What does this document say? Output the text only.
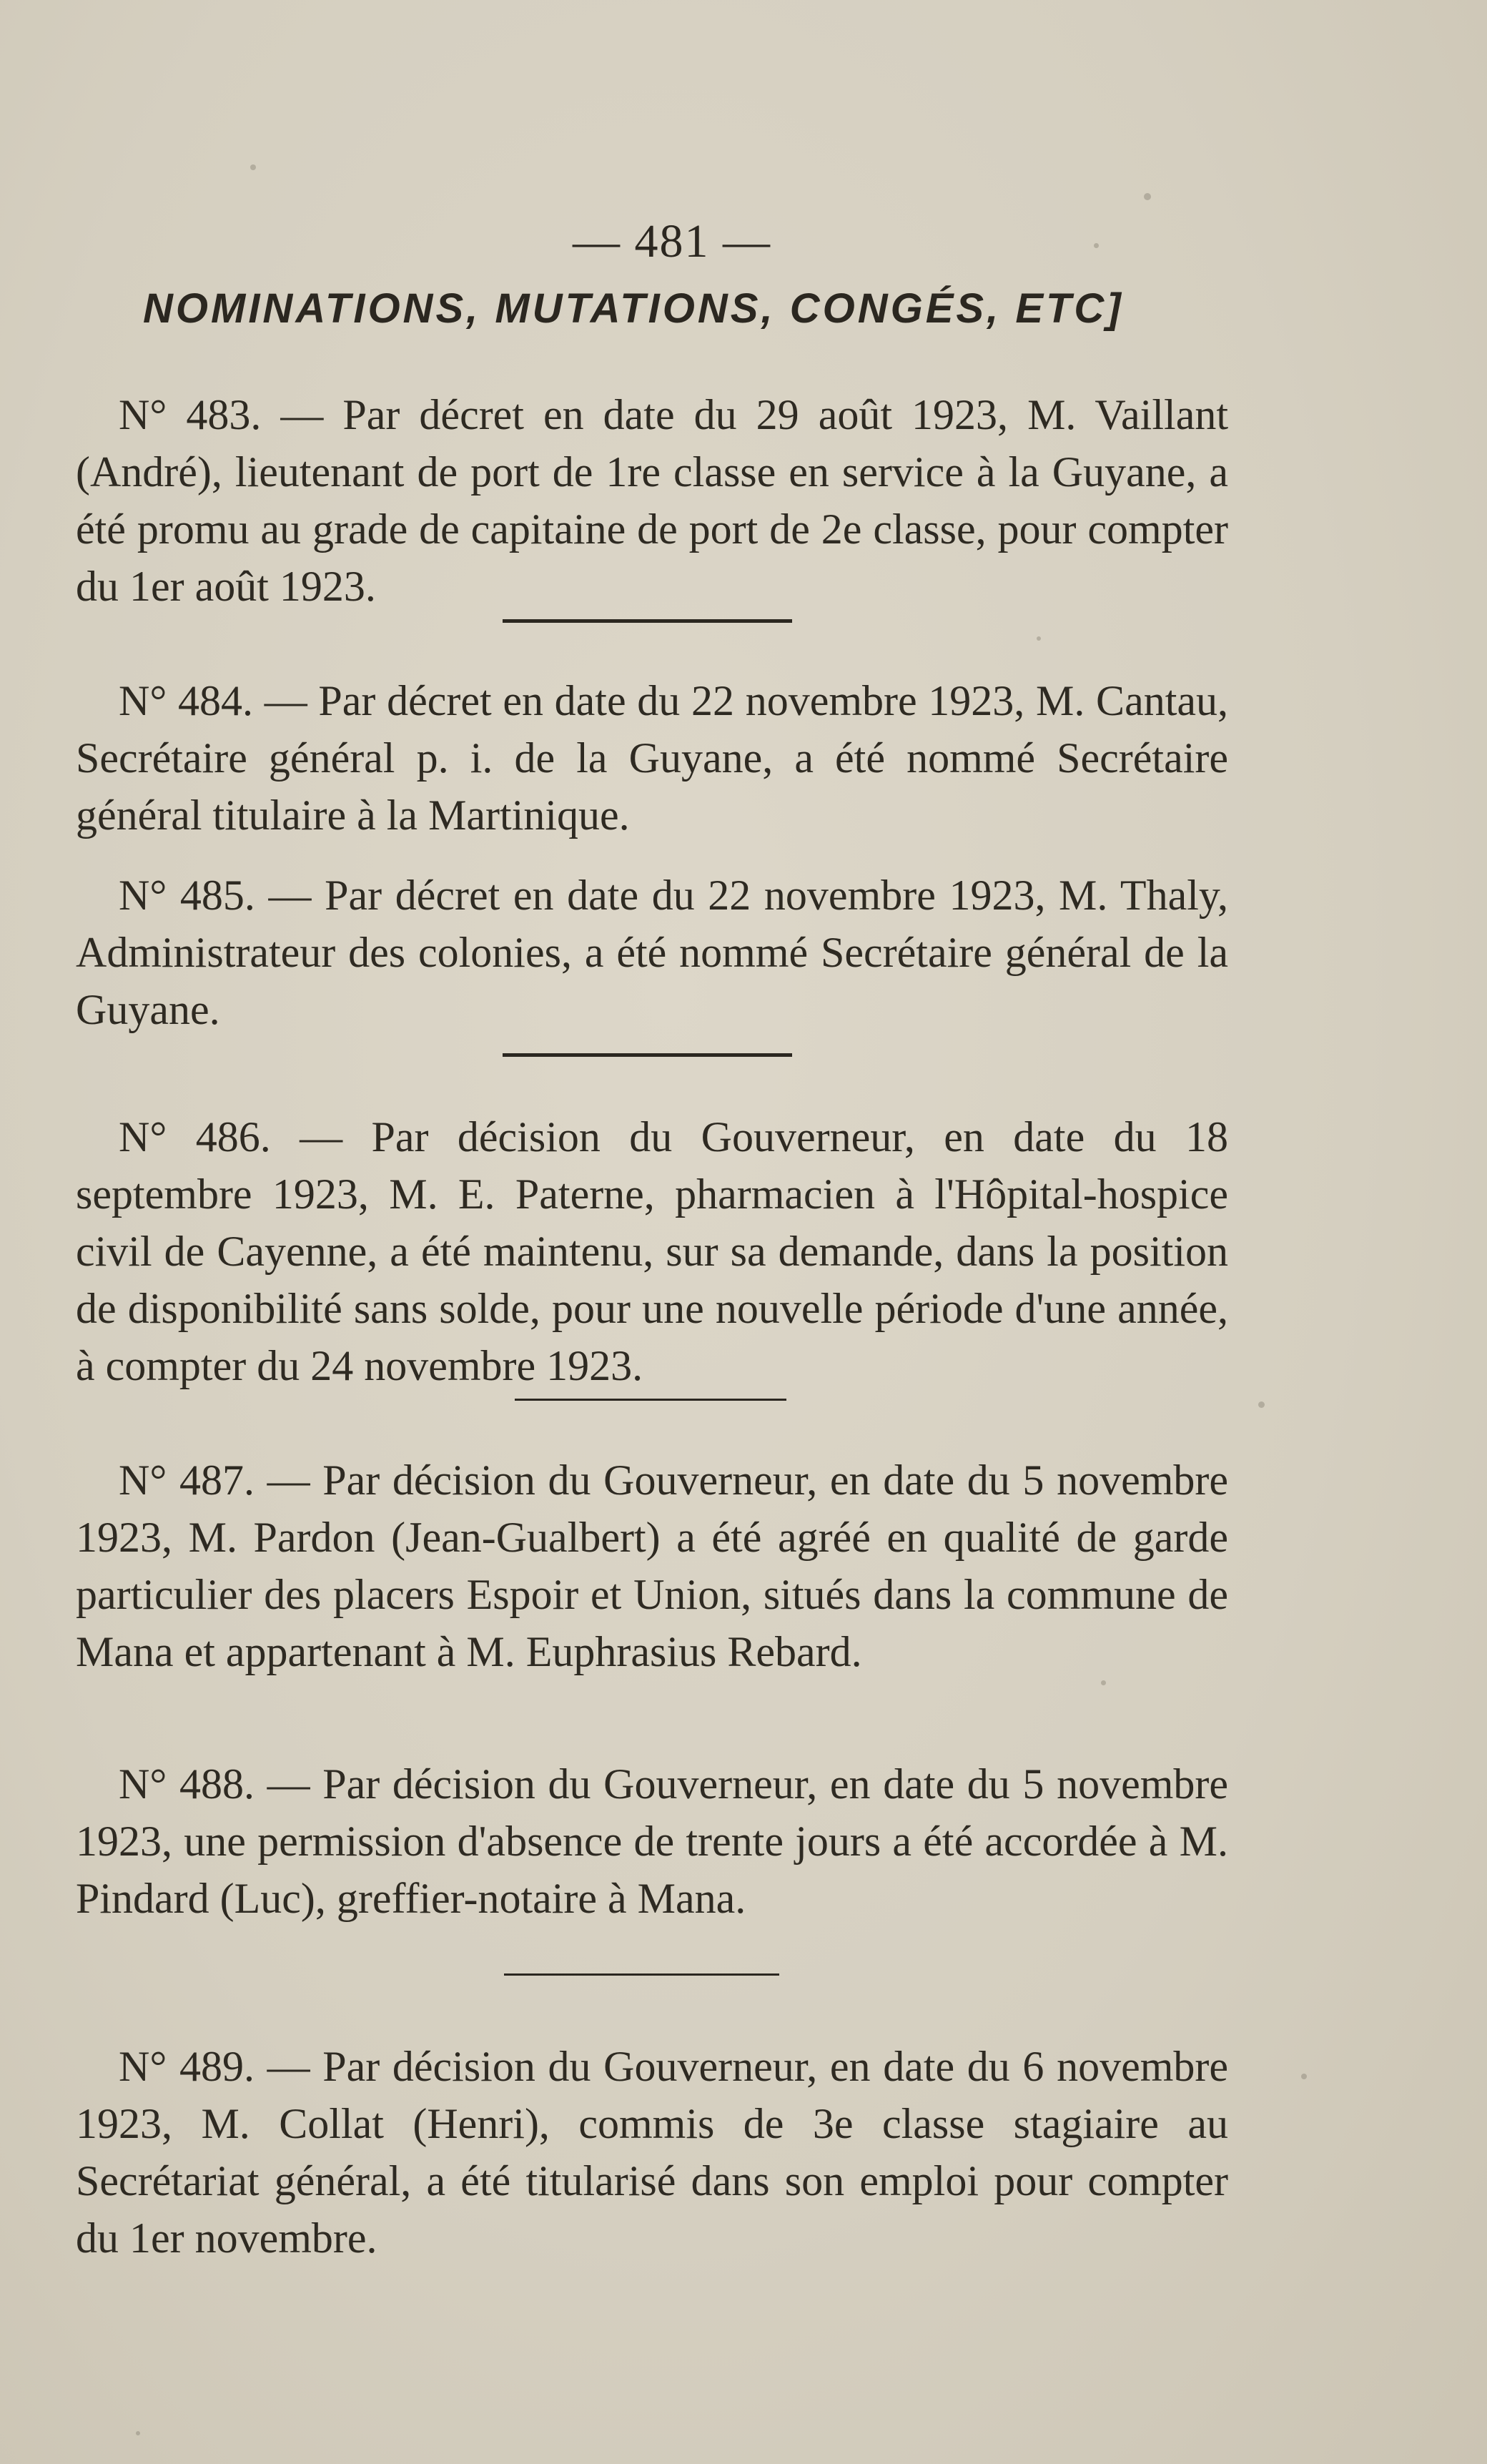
— 481 —
NOMINATIONS, MUTATIONS, CONGÉS, ETC]

N° 483. — Par décret en date du 29 août 1923, M. Vaillant (André), lieutenant de port de 1re classe en service à la Guyane, a été promu au grade de capitaine de port de 2e classe, pour compter du 1er août 1923.

N° 484. — Par décret en date du 22 novembre 1923, M. Cantau, Secrétaire général p. i. de la Guyane, a été nommé Secrétaire général titulaire à la Martinique.

N° 485. — Par décret en date du 22 novembre 1923, M. Thaly, Administrateur des colonies, a été nommé Secrétaire général de la Guyane.

N° 486. — Par décision du Gouverneur, en date du 18 septembre 1923, M. E. Paterne, pharmacien à l'Hôpital-hospice civil de Cayenne, a été maintenu, sur sa demande, dans la position de disponibilité sans solde, pour une nouvelle période d'une année, à compter du 24 novembre 1923.

N° 487. — Par décision du Gouverneur, en date du 5 novembre 1923, M. Pardon (Jean-Gualbert) a été agréé en qualité de garde particulier des placers Espoir et Union, situés dans la commune de Mana et appartenant à M. Euphrasius Rebard.

N° 488. — Par décision du Gouverneur, en date du 5 novembre 1923, une permission d'absence de trente jours a été accordée à M. Pindard (Luc), greffier-notaire à Mana.

N° 489. — Par décision du Gouverneur, en date du 6 novembre 1923, M. Collat (Henri), commis de 3e classe stagiaire au Secrétariat général, a été titularisé dans son emploi pour compter du 1er novembre.
